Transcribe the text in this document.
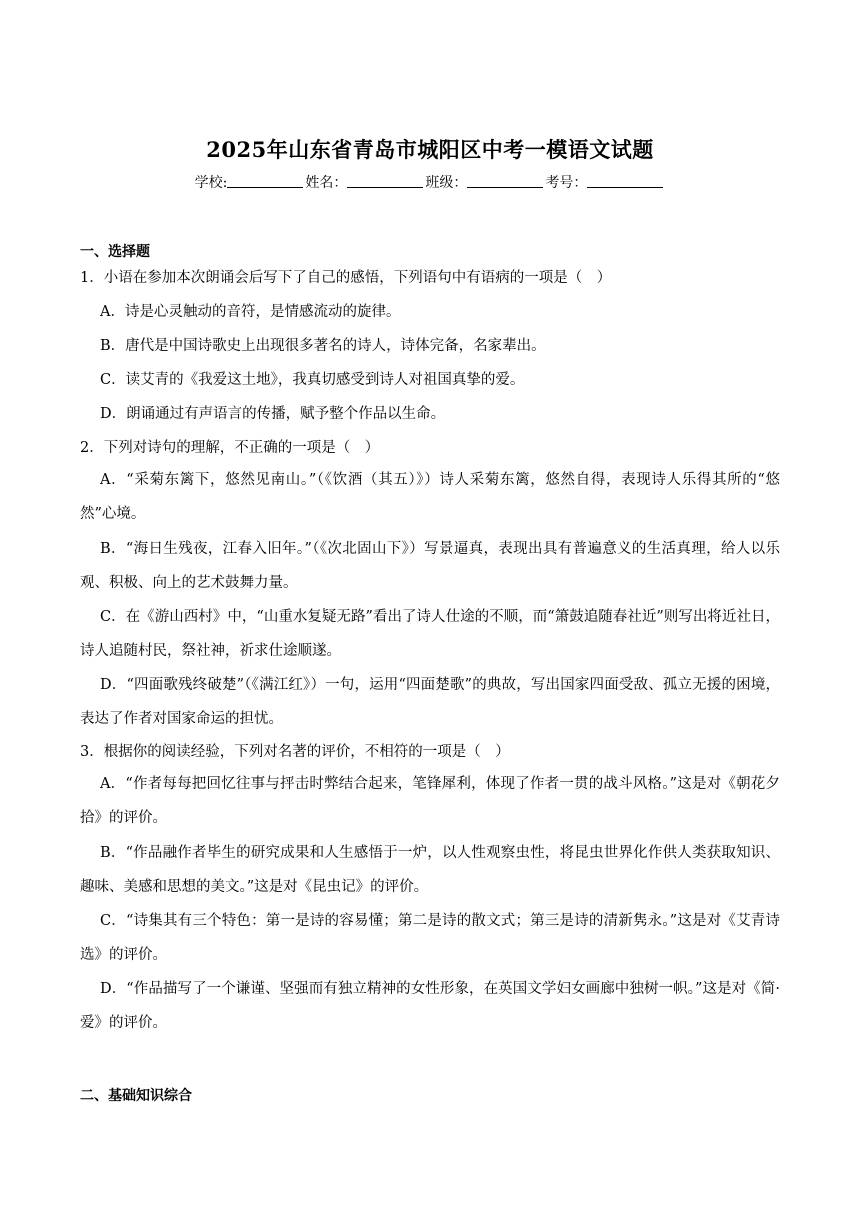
2025年山东省青岛市城阳区中考一模语文试题
学校:	姓名：	班级：	考号：
一、选择题
1．小语在参加本次朗诵会后写下了自己的感悟，下列语句中有语病的一项是（　）
A．诗是心灵触动的音符，是情感流动的旋律。
B．唐代是中国诗歌史上出现很多著名的诗人，诗体完备，名家辈出。
C．读艾青的《我爱这土地》，我真切感受到诗人对祖国真挚的爱。
D．朗诵通过有声语言的传播，赋予整个作品以生命。
2．下列对诗句的理解，不正确的一项是（　）
A．“采菊东篱下，悠然见南山。”（《饮酒（其五）》）诗人采菊东篱，悠然自得，表现诗人乐得其所的“悠然”心境。
B．“海日生残夜，江春入旧年。”（《次北固山下》）写景逼真，表现出具有普遍意义的生活真理，给人以乐观、积极、向上的艺术鼓舞力量。
C．在《游山西村》中，“山重水复疑无路”看出了诗人仕途的不顺，而“箫鼓追随春社近”则写出将近社日，诗人追随村民，祭社神，祈求仕途顺遂。
D．“四面歌残终破楚”（《满江红》）一句，运用“四面楚歌”的典故，写出国家四面受敌、孤立无援的困境，表达了作者对国家命运的担忧。
3．根据你的阅读经验，下列对名著的评价，不相符的一项是（　）
A．“作者每每把回忆往事与抨击时弊结合起来，笔锋犀利，体现了作者一贯的战斗风格。”这是对《朝花夕拾》的评价。
B．“作品融作者毕生的研究成果和人生感悟于一炉，以人性观察虫性，将昆虫世界化作供人类获取知识、趣味、美感和思想的美文。”这是对《昆虫记》的评价。
C．“诗集其有三个特色：第一是诗的容易懂；第二是诗的散文式；第三是诗的清新隽永。”这是对《艾青诗选》的评价。
D．“作品描写了一个谦谨、坚强而有独立精神的女性形象，在英国文学妇女画廊中独树一帜。”这是对《简·爱》的评价。
二、基础知识综合
